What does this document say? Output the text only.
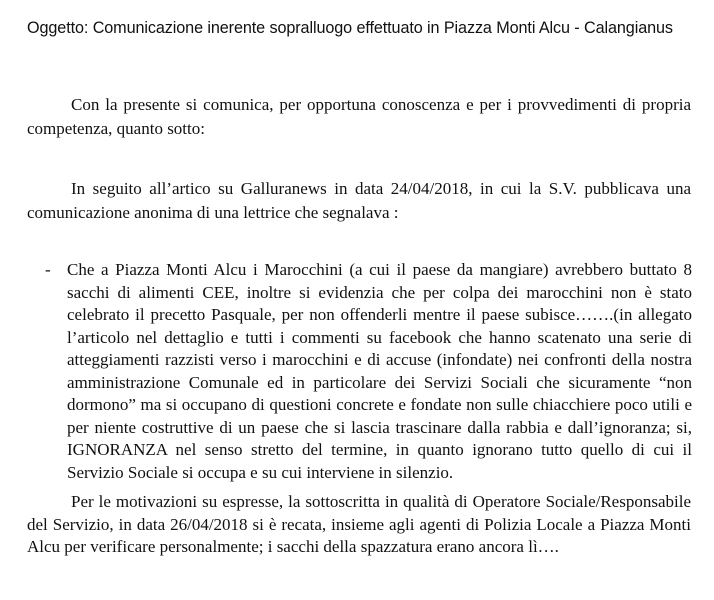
Oggetto: Comunicazione inerente sopralluogo effettuato in Piazza Monti Alcu - Calangianus
Con la presente si comunica, per opportuna conoscenza e per i provvedimenti di propria competenza, quanto sotto:
In seguito all’artico su Galluranews in data 24/04/2018, in cui la S.V. pubblicava una comunicazione anonima di una lettrice che segnalava :
- Che a Piazza Monti Alcu i Marocchini (a cui il paese da mangiare) avrebbero buttato 8 sacchi di alimenti CEE, inoltre si evidenzia che per colpa dei marocchini non è stato celebrato il precetto Pasquale, per non offenderli mentre il paese subisce…….(in allegato l’articolo nel dettaglio e tutti i commenti su facebook che hanno scatenato una serie di atteggiamenti razzisti verso i marocchini e di accuse (infondate) nei confronti della nostra amministrazione Comunale ed in particolare dei Servizi Sociali che sicuramente “non dormono” ma si occupano di questioni concrete e fondate non sulle chiacchiere poco utili e per niente costruttive di un paese che si lascia trascinare dalla rabbia e dall’ignoranza; si, IGNORANZA nel senso stretto del termine, in quanto ignorano tutto quello di cui il Servizio Sociale si occupa e su cui interviene in silenzio.
Per le motivazioni su espresse, la sottoscritta in qualità di Operatore Sociale/Responsabile del Servizio, in data 26/04/2018 si è recata, insieme agli agenti di Polizia Locale a Piazza Monti Alcu per verificare personalmente; i sacchi della spazzatura erano ancora lì….
